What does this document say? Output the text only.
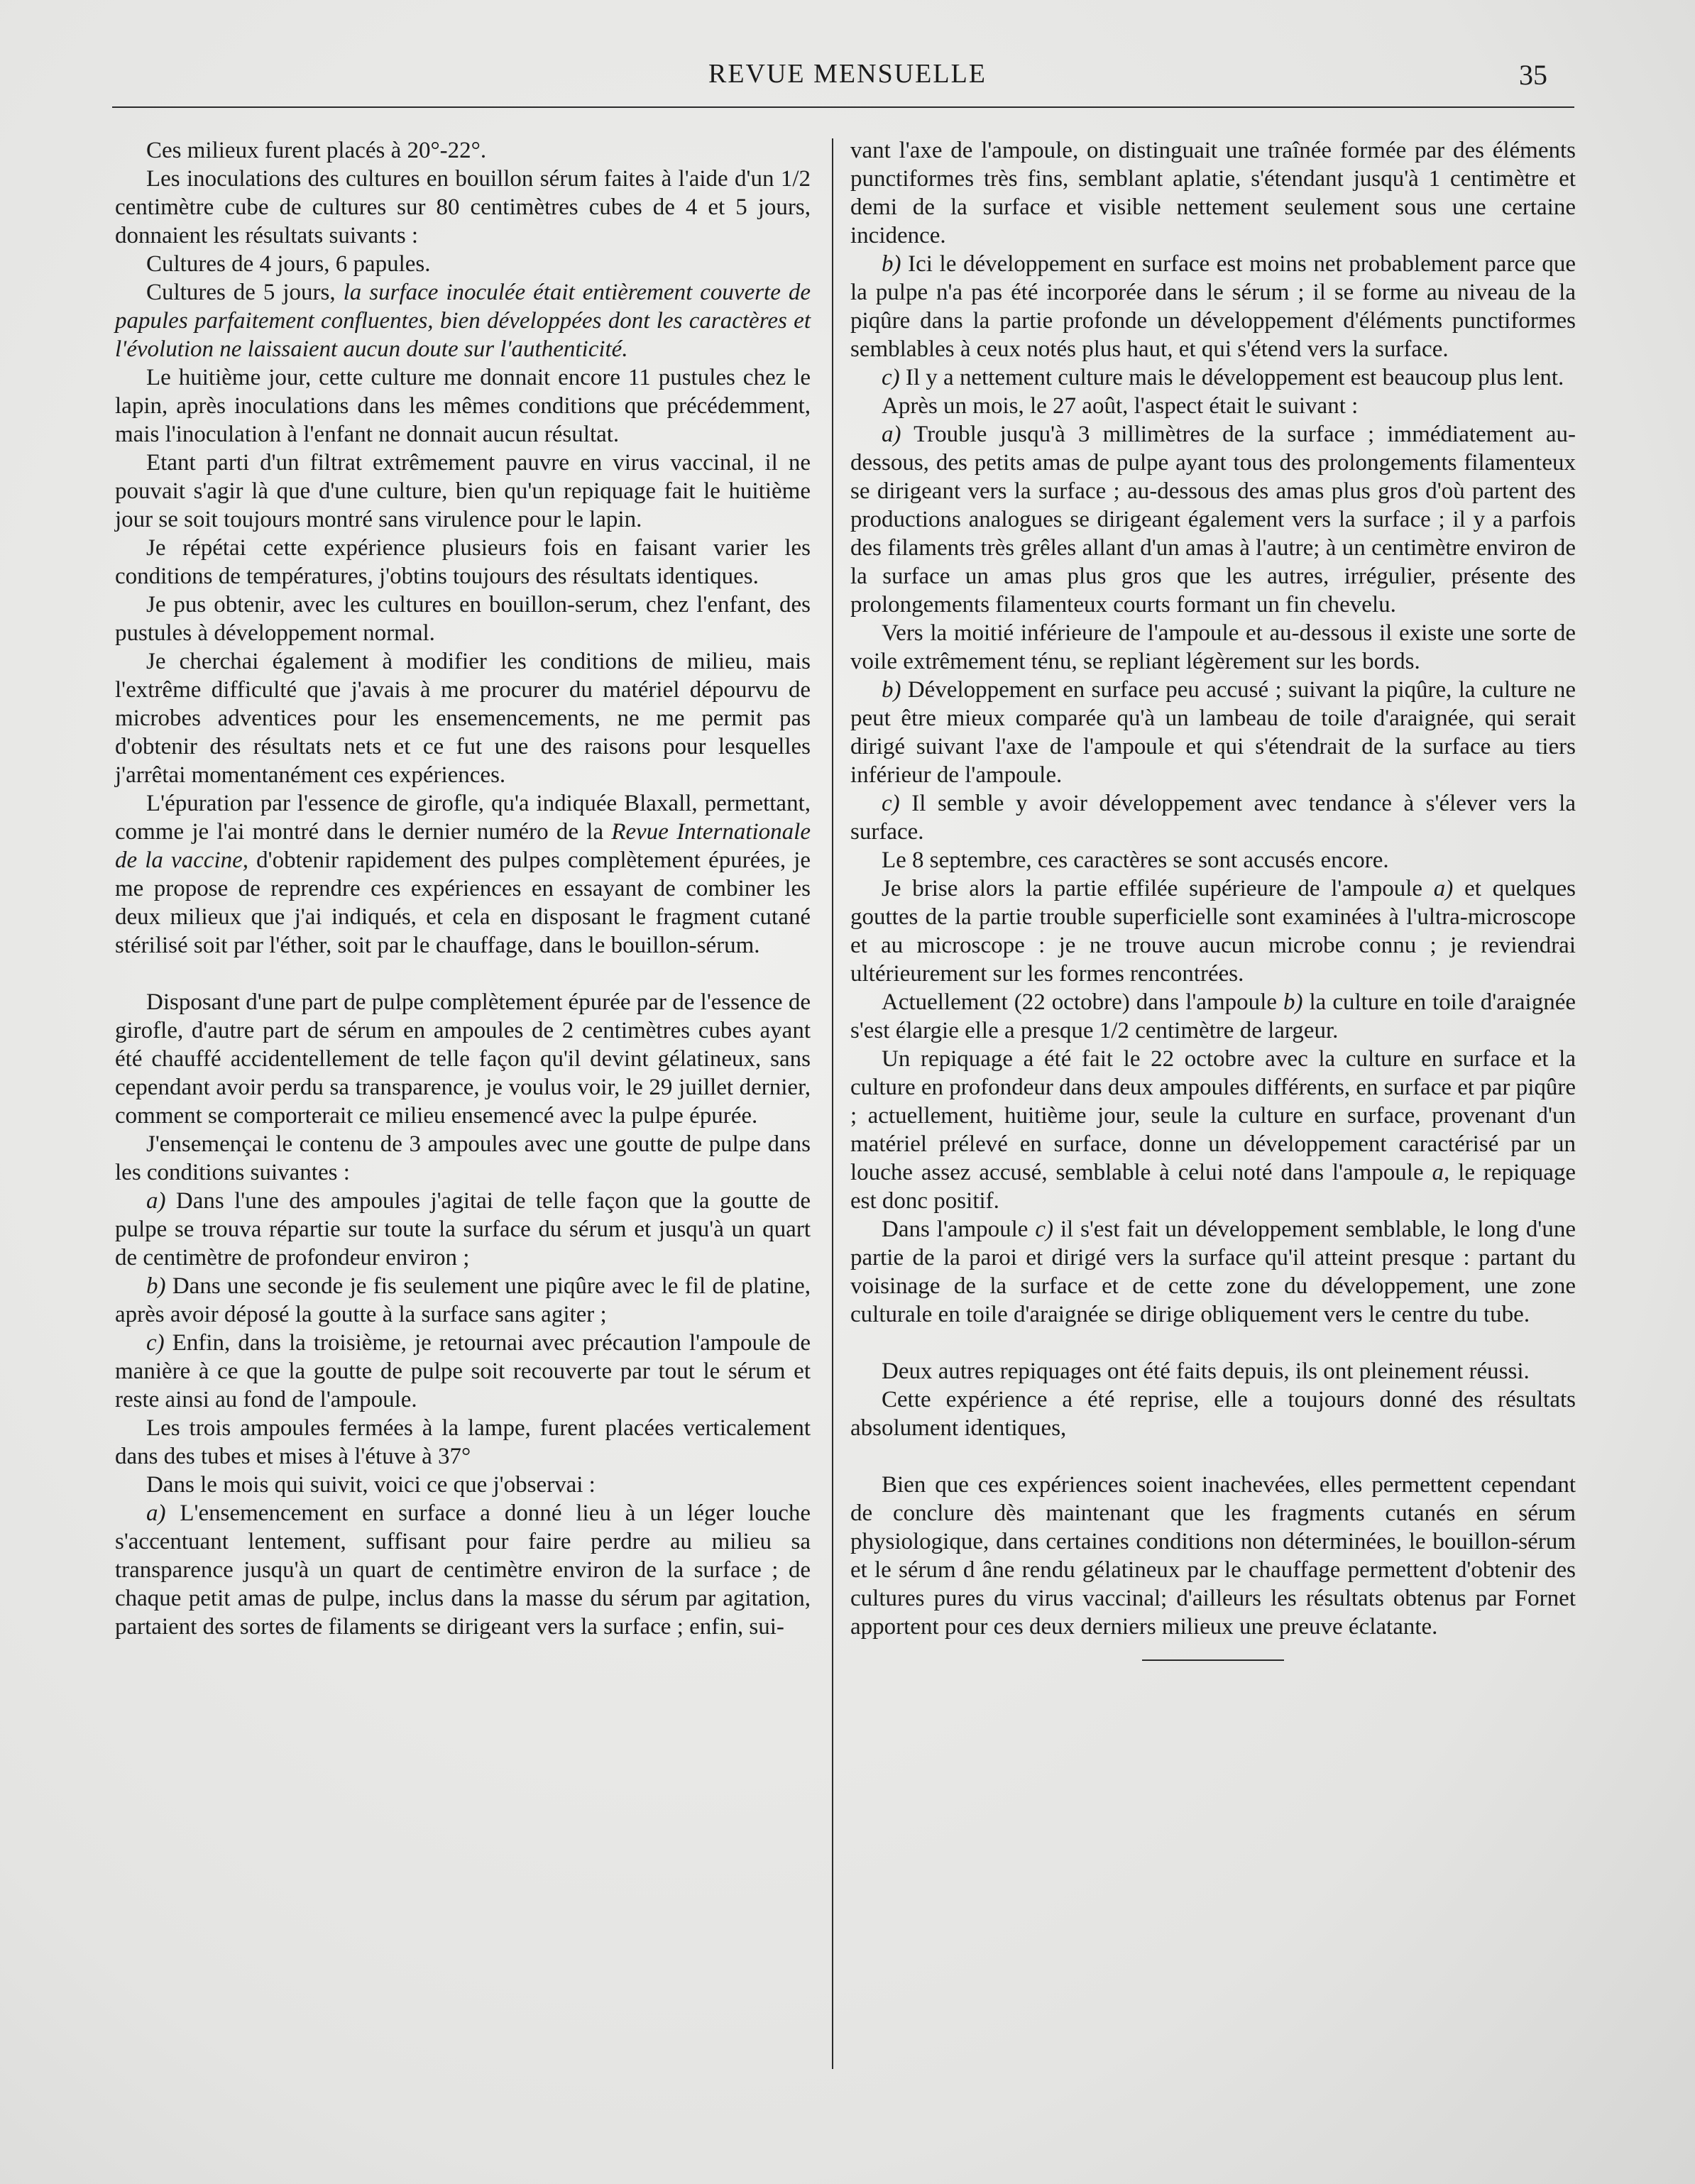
REVUE MENSUELLE	35

Ces milieux furent placés à 20°-22°.

Les inoculations des cultures en bouillon sérum faites à l'aide d'un 1/2 centimètre cube de cultures sur 80 centimètres cubes de 4 et 5 jours, donnaient les résultats suivants :

Cultures de 4 jours, 6 papules.

Cultures de 5 jours, la surface inoculée était entièrement couverte de papules parfaitement confluentes, bien développées dont les caractères et l'évolution ne laissaient aucun doute sur l'authenticité.

Le huitième jour, cette culture me donnait encore 11 pustules chez le lapin, après inoculations dans les mêmes conditions que précédemment, mais l'inoculation à l'enfant ne donnait aucun résultat.

Etant parti d'un filtrat extrêmement pauvre en virus vaccinal, il ne pouvait s'agir là que d'une culture, bien qu'un repiquage fait le huitième jour se soit toujours montré sans virulence pour le lapin.

Je répétai cette expérience plusieurs fois en faisant varier les conditions de températures, j'obtins toujours des résultats identiques.

Je pus obtenir, avec les cultures en bouillon-serum, chez l'enfant, des pustules à développement normal.

Je cherchai également à modifier les conditions de milieu, mais l'extrême difficulté que j'avais à me procurer du matériel dépourvu de microbes adventices pour les ensemencements, ne me permit pas d'obtenir des résultats nets et ce fut une des raisons pour lesquelles j'arrêtai momentanément ces expériences.

L'épuration par l'essence de girofle, qu'a indiquée Blaxall, permettant, comme je l'ai montré dans le dernier numéro de la Revue Internationale de la vaccine, d'obtenir rapidement des pulpes complètement épurées, je me propose de reprendre ces expériences en essayant de combiner les deux milieux que j'ai indiqués, et cela en disposant le fragment cutané stérilisé soit par l'éther, soit par le chauffage, dans le bouillon-sérum.

Disposant d'une part de pulpe complètement épurée par de l'essence de girofle, d'autre part de sérum en ampoules de 2 centimètres cubes ayant été chauffé accidentellement de telle façon qu'il devint gélatineux, sans cependant avoir perdu sa transparence, je voulus voir, le 29 juillet dernier, comment se comporterait ce milieu ensemencé avec la pulpe épurée.

J'ensemençai le contenu de 3 ampoules avec une goutte de pulpe dans les conditions suivantes :

a) Dans l'une des ampoules j'agitai de telle façon que la goutte de pulpe se trouva répartie sur toute la surface du sérum et jusqu'à un quart de centimètre de profondeur environ ;

b) Dans une seconde je fis seulement une piqûre avec le fil de platine, après avoir déposé la goutte à la surface sans agiter ;

c) Enfin, dans la troisième, je retournai avec précaution l'ampoule de manière à ce que la goutte de pulpe soit recouverte par tout le sérum et reste ainsi au fond de l'ampoule.

Les trois ampoules fermées à la lampe, furent placées verticalement dans des tubes et mises à l'étuve à 37°

Dans le mois qui suivit, voici ce que j'observai :

a) L'ensemencement en surface a donné lieu à un léger louche s'accentuant lentement, suffisant pour faire perdre au milieu sa transparence jusqu'à un quart de centimètre environ de la surface ; de chaque petit amas de pulpe, inclus dans la masse du sérum par agitation, partaient des sortes de filaments se dirigeant vers la surface ; enfin, sui-

vant l'axe de l'ampoule, on distinguait une traînée formée par des éléments punctiformes très fins, semblant aplatie, s'étendant jusqu'à 1 centimètre et demi de la surface et visible nettement seulement sous une certaine incidence.

b) Ici le développement en surface est moins net probablement parce que la pulpe n'a pas été incorporée dans le sérum ; il se forme au niveau de la piqûre dans la partie profonde un développement d'éléments punctiformes semblables à ceux notés plus haut, et qui s'étend vers la surface.

c) Il y a nettement culture mais le développement est beaucoup plus lent.

Après un mois, le 27 août, l'aspect était le suivant :

a) Trouble jusqu'à 3 millimètres de la surface ; immédiatement au-dessous, des petits amas de pulpe ayant tous des prolongements filamenteux se dirigeant vers la surface ; au-dessous des amas plus gros d'où partent des productions analogues se dirigeant également vers la surface ; il y a parfois des filaments très grêles allant d'un amas à l'autre; à un centimètre environ de la surface un amas plus gros que les autres, irrégulier, présente des prolongements filamenteux courts formant un fin chevelu.

Vers la moitié inférieure de l'ampoule et au-dessous il existe une sorte de voile extrêmement ténu, se repliant légèrement sur les bords.

b) Développement en surface peu accusé ; suivant la piqûre, la culture ne peut être mieux comparée qu'à un lambeau de toile d'araignée, qui serait dirigé suivant l'axe de l'ampoule et qui s'étendrait de la surface au tiers inférieur de l'ampoule.

c) Il semble y avoir développement avec tendance à s'élever vers la surface.

Le 8 septembre, ces caractères se sont accusés encore.

Je brise alors la partie effilée supérieure de l'ampoule a) et quelques gouttes de la partie trouble superficielle sont examinées à l'ultra-microscope et au microscope : je ne trouve aucun microbe connu ; je reviendrai ultérieurement sur les formes rencontrées.

Actuellement (22 octobre) dans l'ampoule b) la culture en toile d'araignée s'est élargie elle a presque 1/2 centimètre de largeur.

Un repiquage a été fait le 22 octobre avec la culture en surface et la culture en profondeur dans deux ampoules différents, en surface et par piqûre ; actuellement, huitième jour, seule la culture en surface, provenant d'un matériel prélevé en surface, donne un développement caractérisé par un louche assez accusé, semblable à celui noté dans l'ampoule a, le repiquage est donc positif.

Dans l'ampoule c) il s'est fait un développement semblable, le long d'une partie de la paroi et dirigé vers la surface qu'il atteint presque : partant du voisinage de la surface et de cette zone du développement, une zone culturale en toile d'araignée se dirige obliquement vers le centre du tube.

Deux autres repiquages ont été faits depuis, ils ont pleinement réussi.

Cette expérience a été reprise, elle a toujours donné des résultats absolument identiques,

Bien que ces expériences soient inachevées, elles permettent cependant de conclure dès maintenant que les fragments cutanés en sérum physiologique, dans certaines conditions non déterminées, le bouillon-sérum et le sérum d âne rendu gélatineux par le chauffage permettent d'obtenir des cultures pures du virus vaccinal; d'ailleurs les résultats obtenus par Fornet apportent pour ces deux derniers milieux une preuve éclatante.
